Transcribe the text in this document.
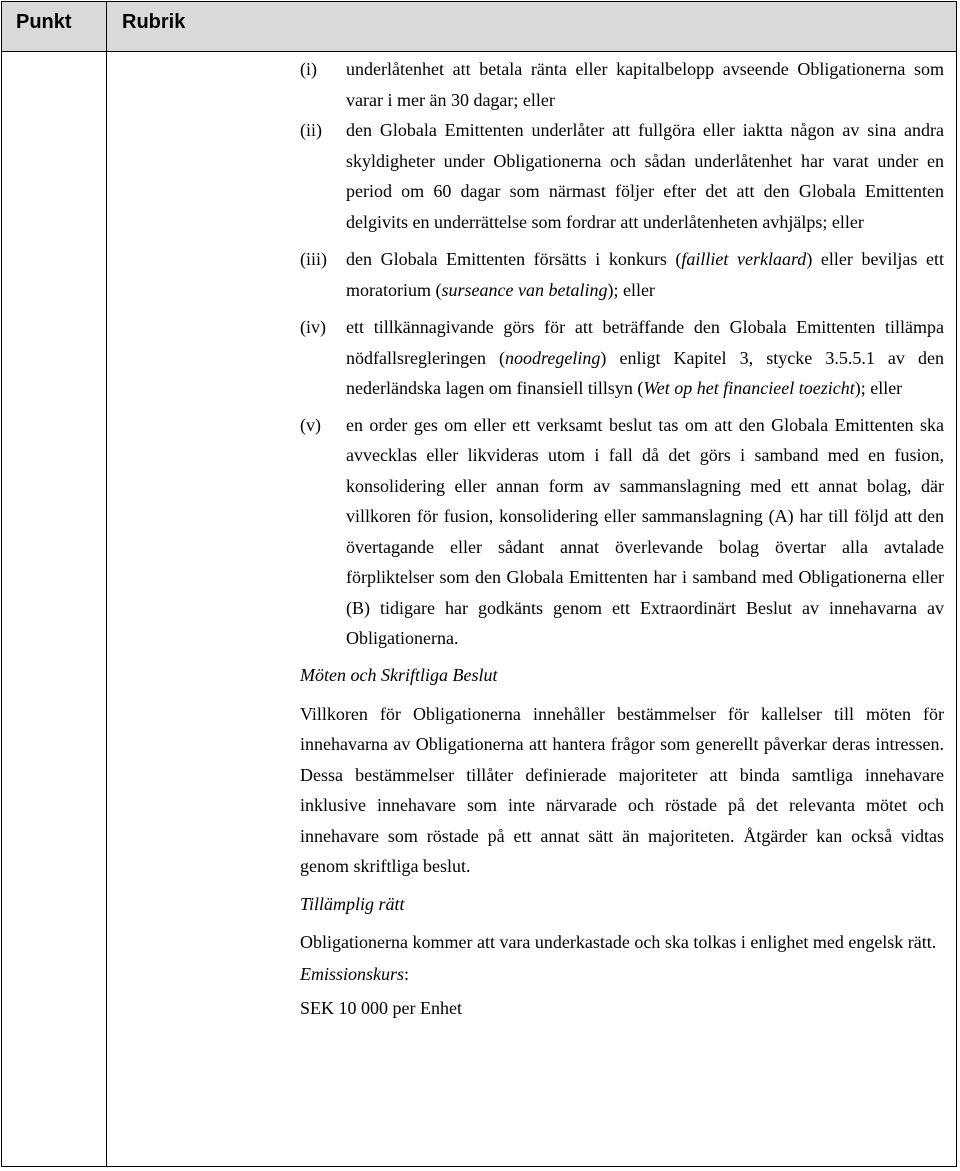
Punkt	Rubrik
(i) underlåtenhet att betala ränta eller kapitalbelopp avseende Obligationerna som varar i mer än 30 dagar; eller
(ii) den Globala Emittenten underlåter att fullgöra eller iaktta någon av sina andra skyldigheter under Obligationerna och sådan underlåtenhet har varat under en period om 60 dagar som närmast följer efter det att den Globala Emittenten delgivits en underrättelse som fordrar att underlåtenheten avhjälps; eller
(iii) den Globala Emittenten försätts i konkurs (failliet verklaard) eller beviljas ett moratorium (surseance van betaling); eller
(iv) ett tillkännagivande görs för att beträffande den Globala Emittenten tillämpa nödfallsregleringen (noodregeling) enligt Kapitel 3, stycke 3.5.5.1 av den nederländska lagen om finansiell tillsyn (Wet op het financieel toezicht); eller
(v) en order ges om eller ett verksamt beslut tas om att den Globala Emittenten ska avvecklas eller likvideras utom i fall då det görs i samband med en fusion, konsolidering eller annan form av sammanslagning med ett annat bolag, där villkoren för fusion, konsolidering eller sammanslagning (A) har till följd att den övertagande eller sådant annat överlevande bolag övertar alla avtalade förpliktelser som den Globala Emittenten har i samband med Obligationerna eller (B) tidigare har godkänts genom ett Extraordinärt Beslut av innehavarna av Obligationerna.
Möten och Skriftliga Beslut
Villkoren för Obligationerna innehåller bestämmelser för kallelser till möten för innehavarna av Obligationerna att hantera frågor som generellt påverkar deras intressen. Dessa bestämmelser tillåter definierade majoriteter att binda samtliga innehavare inklusive innehavare som inte närvarade och röstade på det relevanta mötet och innehavare som röstade på ett annat sätt än majoriteten. Åtgärder kan också vidtas genom skriftliga beslut.
Tillämplig rätt
Obligationerna kommer att vara underkastade och ska tolkas i enlighet med engelsk rätt.
Emissionskurs:
SEK 10 000 per Enhet
